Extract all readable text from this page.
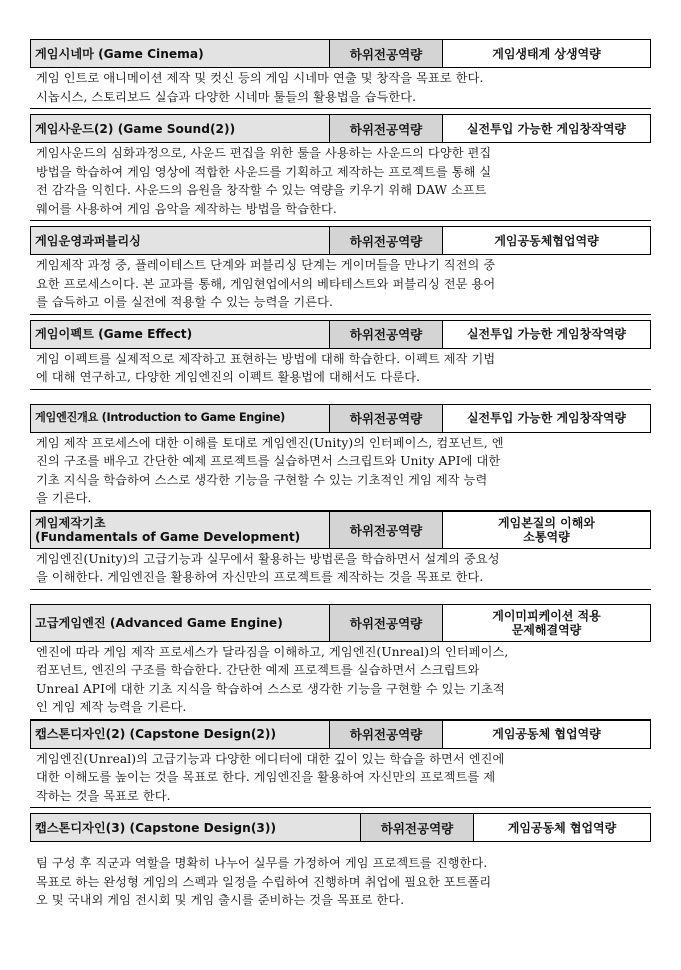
게임시네마 (Game Cinema)	하위전공역량	게임생태계 상생역량
게임 인트로 애니메이션 제작 및 컷신 등의 게임 시네마 연출 및 창작을 목표로 한다.
시놉시스, 스토리보드 실습과 다양한 시네마 툴들의 활용법을 습득한다.
게임사운드(2) (Game Sound(2))	하위전공역량	실전투입 가능한 게임창작역량
게임사운드의 심화과정으로, 사운드 편집을 위한 툴을 사용하는 사운드의 다양한 편집
방법을 학습하여 게임 영상에 적합한 사운드를 기획하고 제작하는 프로젝트를 통해 실
전 감각을 익힌다. 사운드의 음원을 창작할 수 있는 역량을 키우기 위해 DAW 소프트
웨어를 사용하여 게임 음악을 제작하는 방법을 학습한다.
게임운영과퍼블리싱	하위전공역량	게임공동체협업역량
게임제작 과정 중, 플레이테스트 단계와 퍼블리싱 단계는 게이머들을 만나기 직전의 중
요한 프로세스이다. 본 교과를 통해, 게임현업에서의 베타테스트와 퍼블리싱 전문 용어
를 습득하고 이를 실전에 적용할 수 있는 능력을 기른다.
게임이펙트 (Game Effect)	하위전공역량	실전투입 가능한 게임창작역량
게임 이펙트를 실제적으로 제작하고 표현하는 방법에 대해 학습한다. 이펙트 제작 기법
에 대해 연구하고, 다양한 게임엔진의 이펙트 활용법에 대해서도 다룬다.
게임엔진개요 (Introduction to Game Engine)	하위전공역량	실전투입 가능한 게임창작역량
게임 제작 프로세스에 대한 이해를 토대로 게임엔진(Unity)의 인터페이스, 컴포넌트, 엔
진의 구조를 배우고 간단한 예제 프로젝트를 실습하면서 스크립트와 Unity API에 대한
기초 지식을 학습하여 스스로 생각한 기능을 구현할 수 있는 기초적인 게임 제작 능력
을 기른다.
게임제작기초
(Fundamentals of Game Development)	하위전공역량	게임본질의 이해와
소통역량
게임엔진(Unity)의 고급기능과 실무에서 활용하는 방법론을 학습하면서 설계의 중요성
을 이해한다. 게임엔진을 활용하여 자신만의 프로젝트를 제작하는 것을 목표로 한다.
고급게임엔진 (Advanced Game Engine)	하위전공역량	게이미피케이션 적용
문제해결역량
엔진에 따라 게임 제작 프로세스가 달라짐을 이해하고, 게임엔진(Unreal)의 인터페이스,
컴포넌트, 엔진의 구조를 학습한다. 간단한 예제 프로젝트를 실습하면서 스크립트와
Unreal API에 대한 기초 지식을 학습하여 스스로 생각한 기능을 구현할 수 있는 기초적
인 게임 제작 능력을 기른다.
캡스톤디자인(2) (Capstone Design(2))	하위전공역량	게임공동체 협업역량
게임엔진(Unreal)의 고급기능과 다양한 에디터에 대한 깊이 있는 학습을 하면서 엔진에
대한 이해도를 높이는 것을 목표로 한다. 게임엔진을 활용하여 자신만의 프로젝트를 제
작하는 것을 목표로 한다.
캡스톤디자인(3) (Capstone Design(3))	하위전공역량	게임공동체 협업역량
팀 구성 후 직군과 역할을 명확히 나누어 실무를 가정하여 게임 프로젝트를 진행한다.
목표로 하는 완성형 게임의 스펙과 일정을 수립하여 진행하며 취업에 필요한 포트폴리
오 및 국내외 게임 전시회 및 게임 출시를 준비하는 것을 목표로 한다.
